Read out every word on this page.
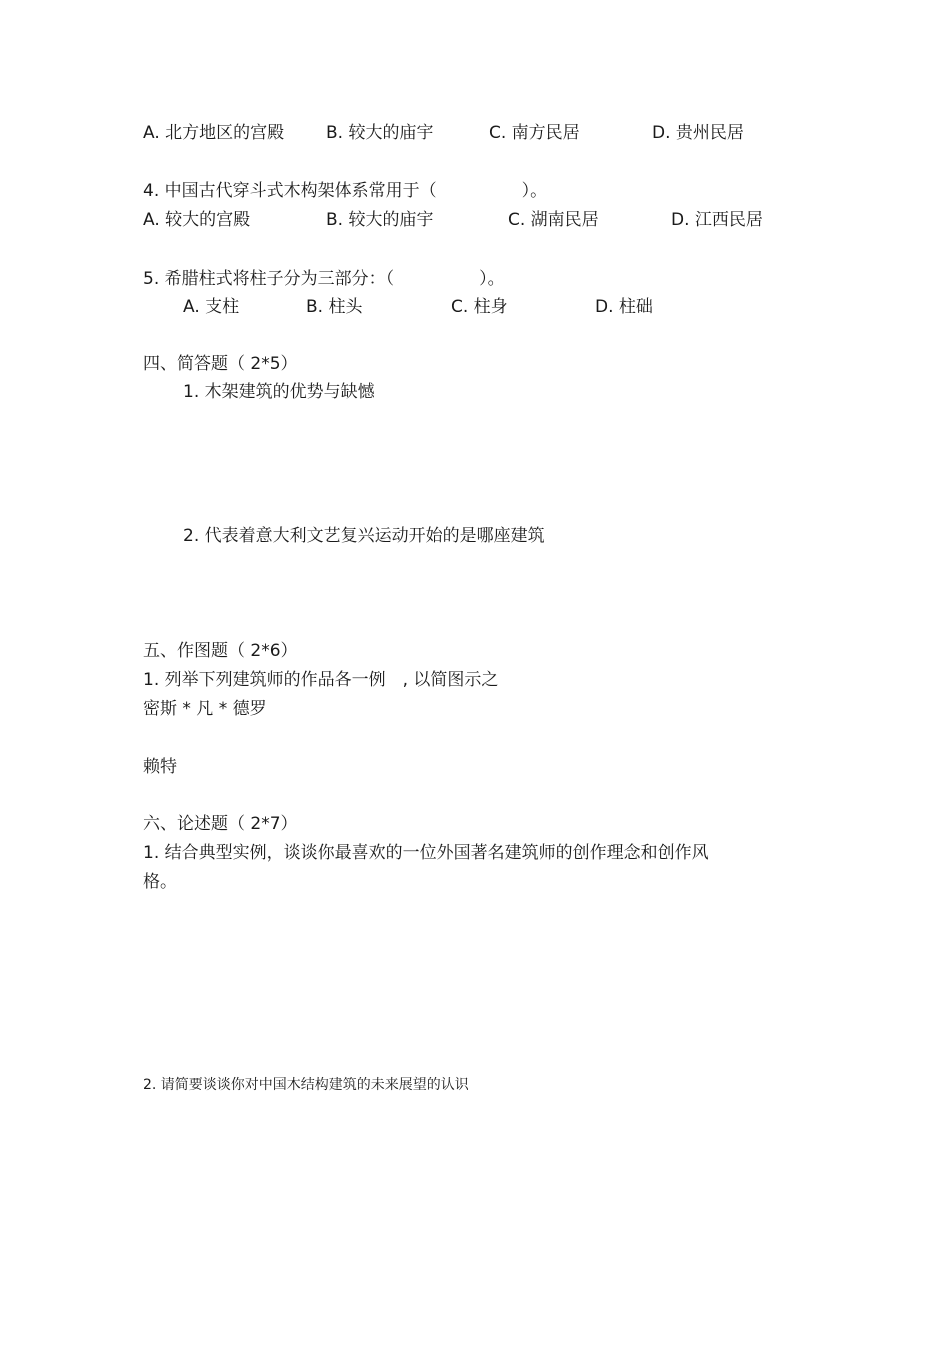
A. 北方地区的宫殿 B. 较大的庙宇	C. 南方民居	D. 贵州民居
4. 中国古代穿斗式木构架体系常用于（　　　　　）。
A. 较大的宫殿	B. 较大的庙宇	C. 湖南民居	D. 江西民居
5. 希腊柱式将柱子分为三部分：（　　　　　）。
A. 支柱	B. 柱头	C. 柱身	D. 柱础
四、简答题（ 2*5）
1. 木架建筑的优势与缺憾
2. 代表着意大利文艺复兴运动开始的是哪座建筑
五、作图题（ 2*6）
1. 列举下列建筑师的作品各一例　, 以简图示之
密斯 * 凡 * 德罗
赖特
六、论述题（ 2*7）
1. 结合典型实例，谈谈你最喜欢的一位外国著名建筑师的创作理念和创作风
格。
2. 请简要谈谈你对中国木结构建筑的未来展望的认识
